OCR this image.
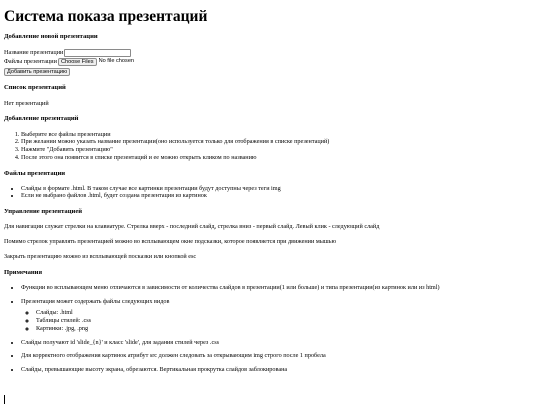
Система показа презентаций
Добавление новой презентации
Название презентации
Файлы презентации Choose Files No file chosen
Добавить презентацию
Список презентаций

Нет презентаций

Добавление презентаций
1. Выберите все файлы презентации
2. При желании можно указать название презентации(оно используется только для отображения в списке презентаций)
3. Нажмите "Добавить презентацию"
4. После этого она появится в списке презентаций и ее можно открыть кликом по названию
Файлы презентации
• Слайды в формате .html. В таком случае все картинки презентации будут доступны через теги img
• Если не выбрано файлов .html, будет создана презентация из картинок
Управление презентацией

Для навигации служат стрелки на клавиатуре. Стрелка вверх - последний слайд, стрелка вниз - первый слайд. Левый клик - следующий слайд

Помимо стрелок управлять презентацией можно во всплывающем окне подсказки, которое появляется при движении мышью

Закрыть презентацию можно из всплывающей посказки или кнопкой esc

Примечания
• Функции во всплывающем меню отличаются в зависимости от количества слайдов в презентации(1 или больше) и типа презентации(из картинок или из html)
• Презентация может содержать файлы следующих видов
◦ Слайды: .html
◦ Таблицы стилей: .css
◦ Картинки: .jpg, .png
• Слайды получают id 'slide_{n}' и класс 'slide', для задания стилей через .css
• Для корректного отображения картинок атрибут src должен следовать за открывающим img строго после 1 пробела
• Слайды, превышающие высоту экрана, обрезаются. Вертикальная прокрутка слайдов заблокирована
